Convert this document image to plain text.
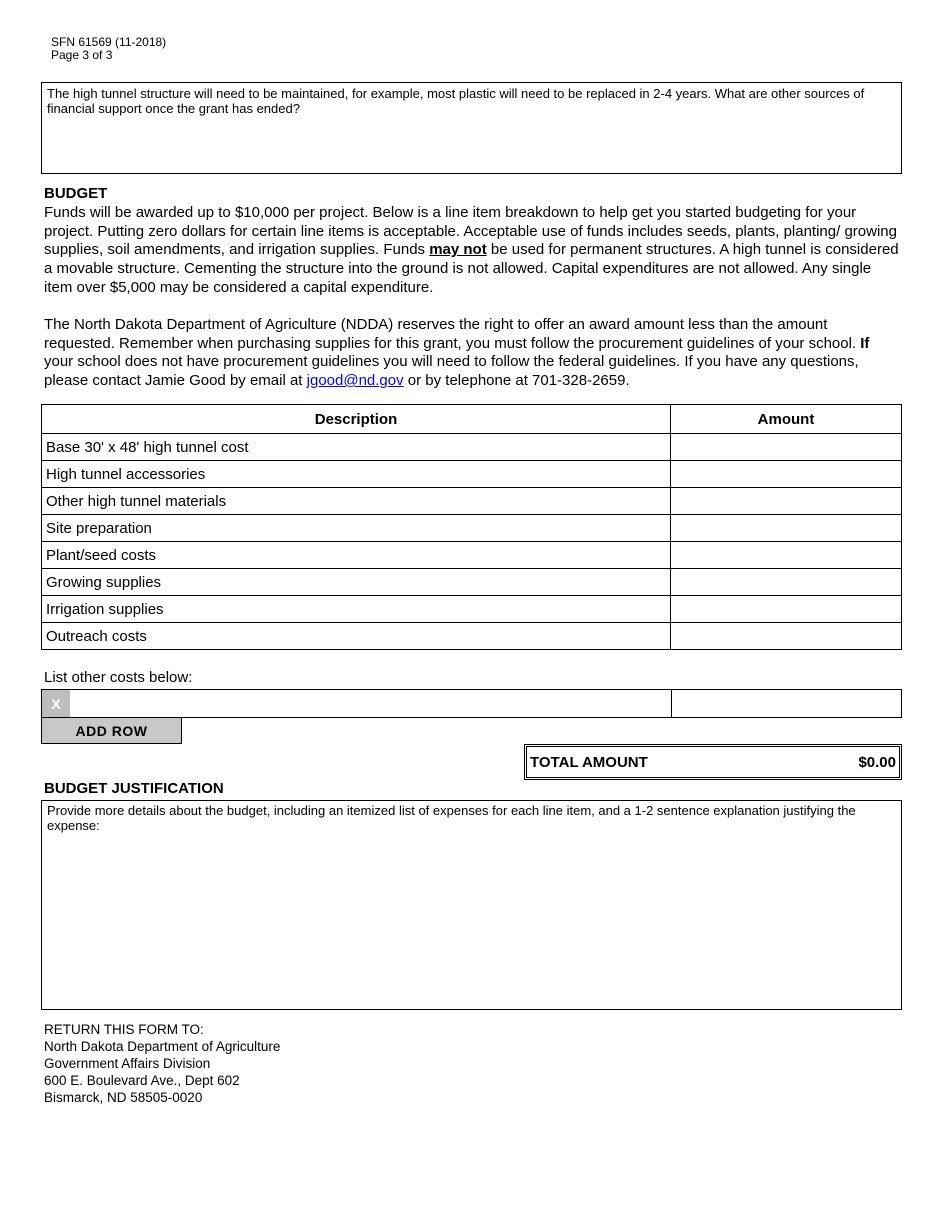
SFN 61569 (11-2018)
Page 3 of 3
The high tunnel structure will need to be maintained, for example, most plastic will need to be replaced in 2-4 years. What are other sources of financial support once the grant has ended?
BUDGET
Funds will be awarded up to $10,000 per project. Below is a line item breakdown to help get you started budgeting for your project. Putting zero dollars for certain line items is acceptable. Acceptable use of funds includes seeds, plants, planting/ growing supplies, soil amendments, and irrigation supplies. Funds may not be used for permanent structures. A high tunnel is considered a movable structure. Cementing the structure into the ground is not allowed. Capital expenditures are not allowed. Any single item over $5,000 may be considered a capital expenditure.
The North Dakota Department of Agriculture (NDDA) reserves the right to offer an award amount less than the amount requested. Remember when purchasing supplies for this grant, you must follow the procurement guidelines of your school. If your school does not have procurement guidelines you will need to follow the federal guidelines. If you have any questions, please contact Jamie Good by email at jgood@nd.gov or by telephone at 701-328-2659.
Description	Amount
Base 30' x 48' high tunnel cost	
High tunnel accessories	
Other high tunnel materials	
Site preparation	
Plant/seed costs	
Growing supplies	
Irrigation supplies	
Outreach costs	
List other costs below:
X
ADD ROW
TOTAL AMOUNT	$0.00
BUDGET JUSTIFICATION
Provide more details about the budget, including an itemized list of expenses for each line item, and a 1-2 sentence explanation justifying the expense:
RETURN THIS FORM TO:
North Dakota Department of Agriculture
Government Affairs Division
600 E. Boulevard Ave., Dept 602
Bismarck, ND 58505-0020
